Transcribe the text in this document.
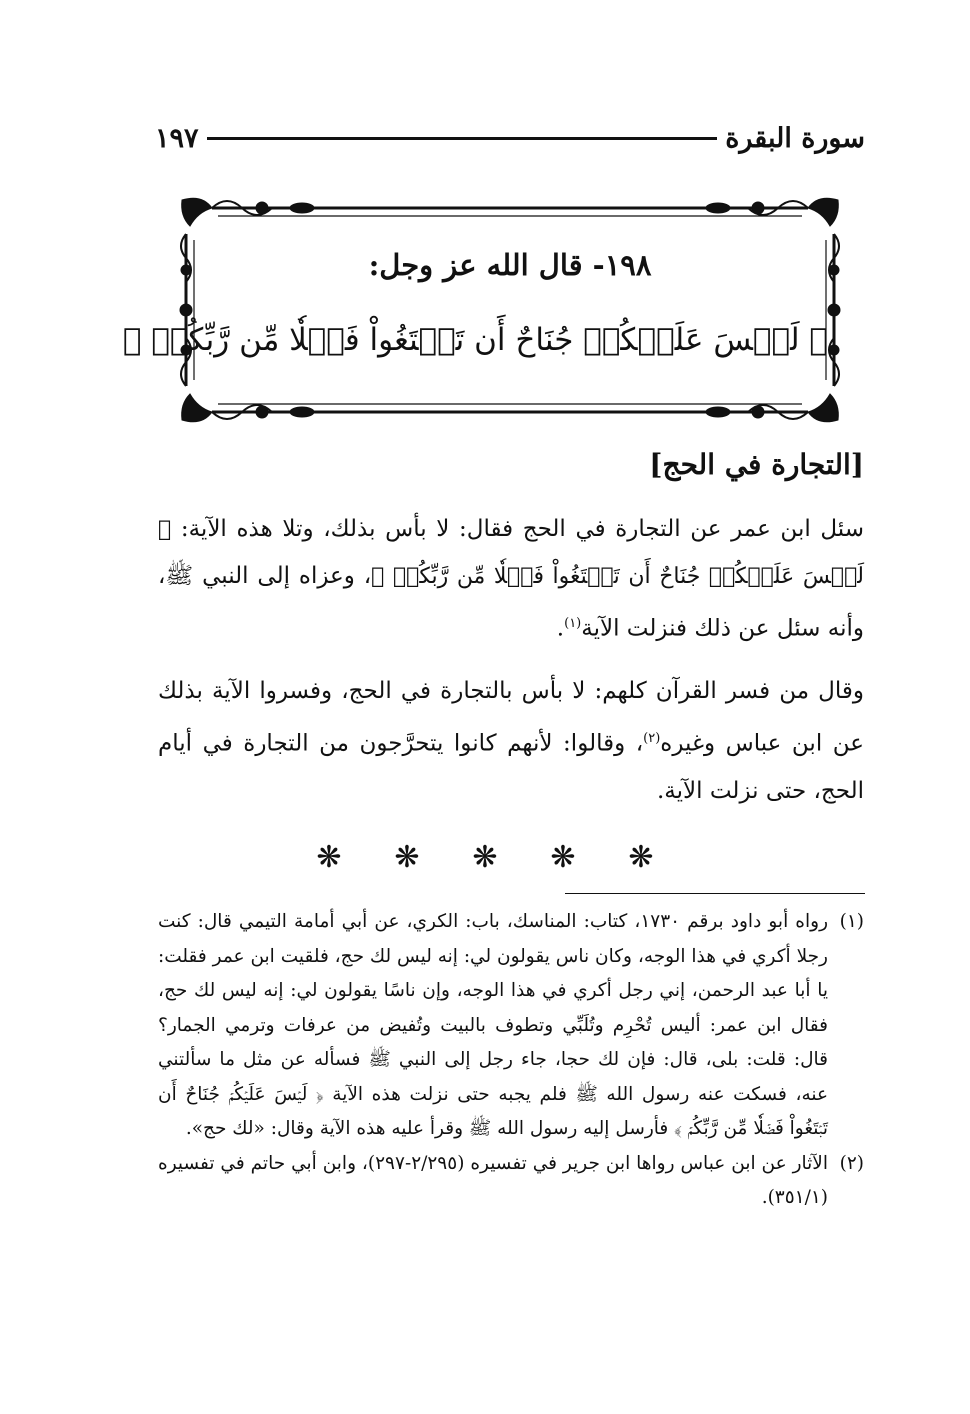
سورة البقرة
١٩٧
١٩٨- قال الله عز وجل:
﴿ لَيۡسَ عَلَيۡكُمۡ جُنَاحٌ أَن تَبۡتَغُواْ فَضۡلٗا مِّن رَّبِّكُمۡ ﴾
[التجارة في الحج]
سئل ابن عمر عن التجارة في الحج فقال: لا بأس بذلك، وتلا هذه الآية: ﴿ لَيۡسَ عَلَيۡكُمۡ جُنَاحٌ أَن تَبۡتَغُواْ فَضۡلٗا مِّن رَّبِّكُمۡ ﴾، وعزاه إلى النبي ﷺ، وأنه سئل عن ذلك فنزلت الآية$^{(١)}$.
وقال من فسر القرآن كلهم: لا بأس بالتجارة في الحج، وفسروا الآية بذلك عن ابن عباس وغيره$^{(٢)}$، وقالوا: لأنهم كانوا يتحرَّجون من التجارة في أيام الحج، حتى نزلت الآية.
❋ ❋ ❋ ❋ ❋
(١)
رواه أبو داود برقم ١٧٣٠، كتاب: المناسك، باب: الكري، عن أبي أمامة التيمي قال: كنت رجلا أكري في هذا الوجه، وكان ناس يقولون لي: إنه ليس لك حج، فلقيت ابن عمر فقلت: يا أبا عبد الرحمن، إني رجل أكري في هذا الوجه، وإن ناسًا يقولون لي: إنه ليس لك حج، فقال ابن عمر: أليس تُحْرِم وتُلَبِّي وتطوف بالبيت وتُفيض من عرفات وترمي الجمار؟ قال: قلت: بلى، قال: فإن لك حجا، جاء رجل إلى النبي ﷺ فسأله عن مثل ما سألتني عنه، فسكت عنه رسول الله ﷺ فلم يجبه حتى نزلت هذه الآية ﴿ لَيۡسَ عَلَيۡكُمۡ جُنَاحٌ أَن تَبۡتَغُواْ فَضۡلٗا مِّن رَّبِّكُمۡ ﴾ فأرسل إليه رسول الله ﷺ وقرأ عليه هذه الآية وقال: «لك حج».
(٢)
الآثار عن ابن عباس رواها ابن جرير في تفسيره (٢/٢٩٥-٢٩٧)، وابن أبي حاتم في تفسيره (٣٥١/١).
